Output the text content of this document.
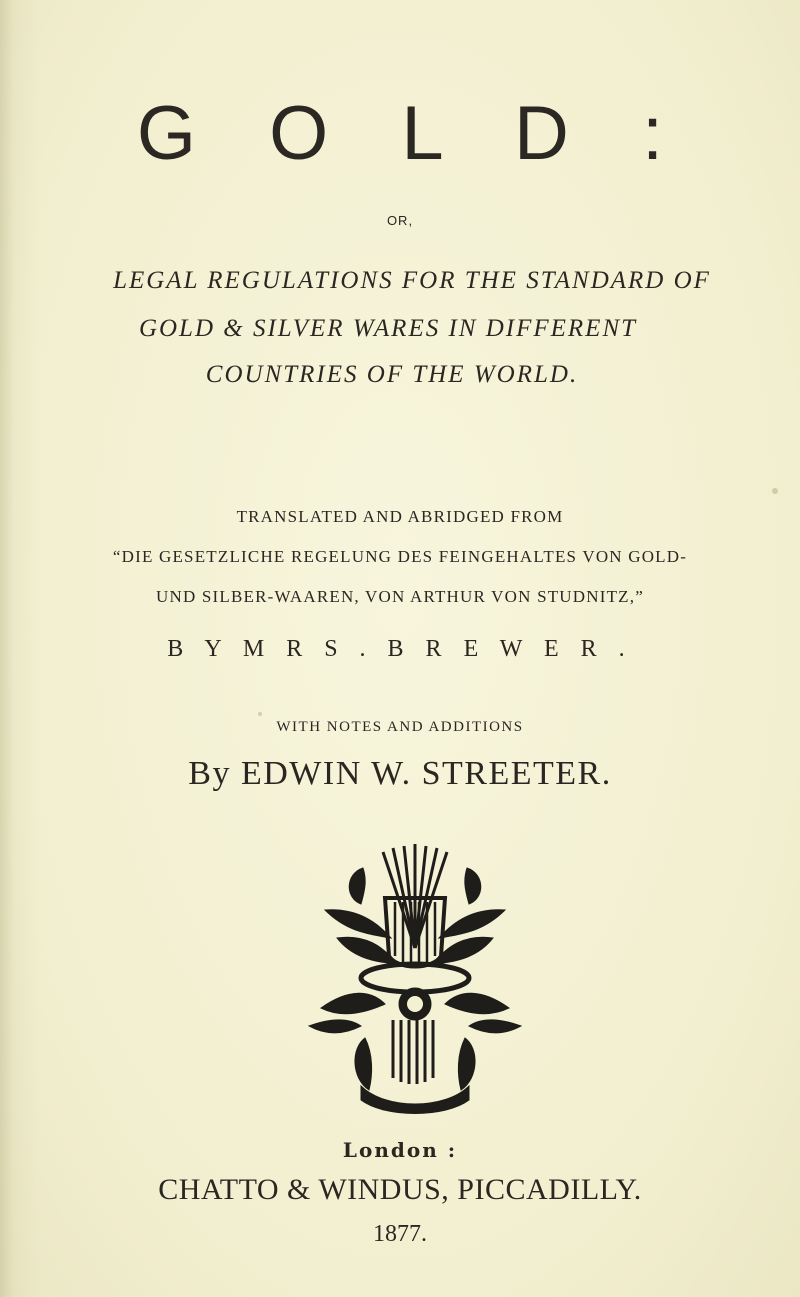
G O L D :
OR,
LEGAL REGULATIONS FOR THE STANDARD OF
GOLD & SILVER WARES IN DIFFERENT
COUNTRIES OF THE WORLD.
TRANSLATED AND ABRIDGED FROM
“DIE GESETZLICHE REGELUNG DES FEINGEHALTES VON GOLD-
UND SILBER-WAAREN, VON ARTHUR VON STUDNITZ,”
B Y M R S . B R E W E R .
WITH NOTES AND ADDITIONS
By EDWIN W. STREETER.
London :
CHATTO & WINDUS, PICCADILLY.
1877.
